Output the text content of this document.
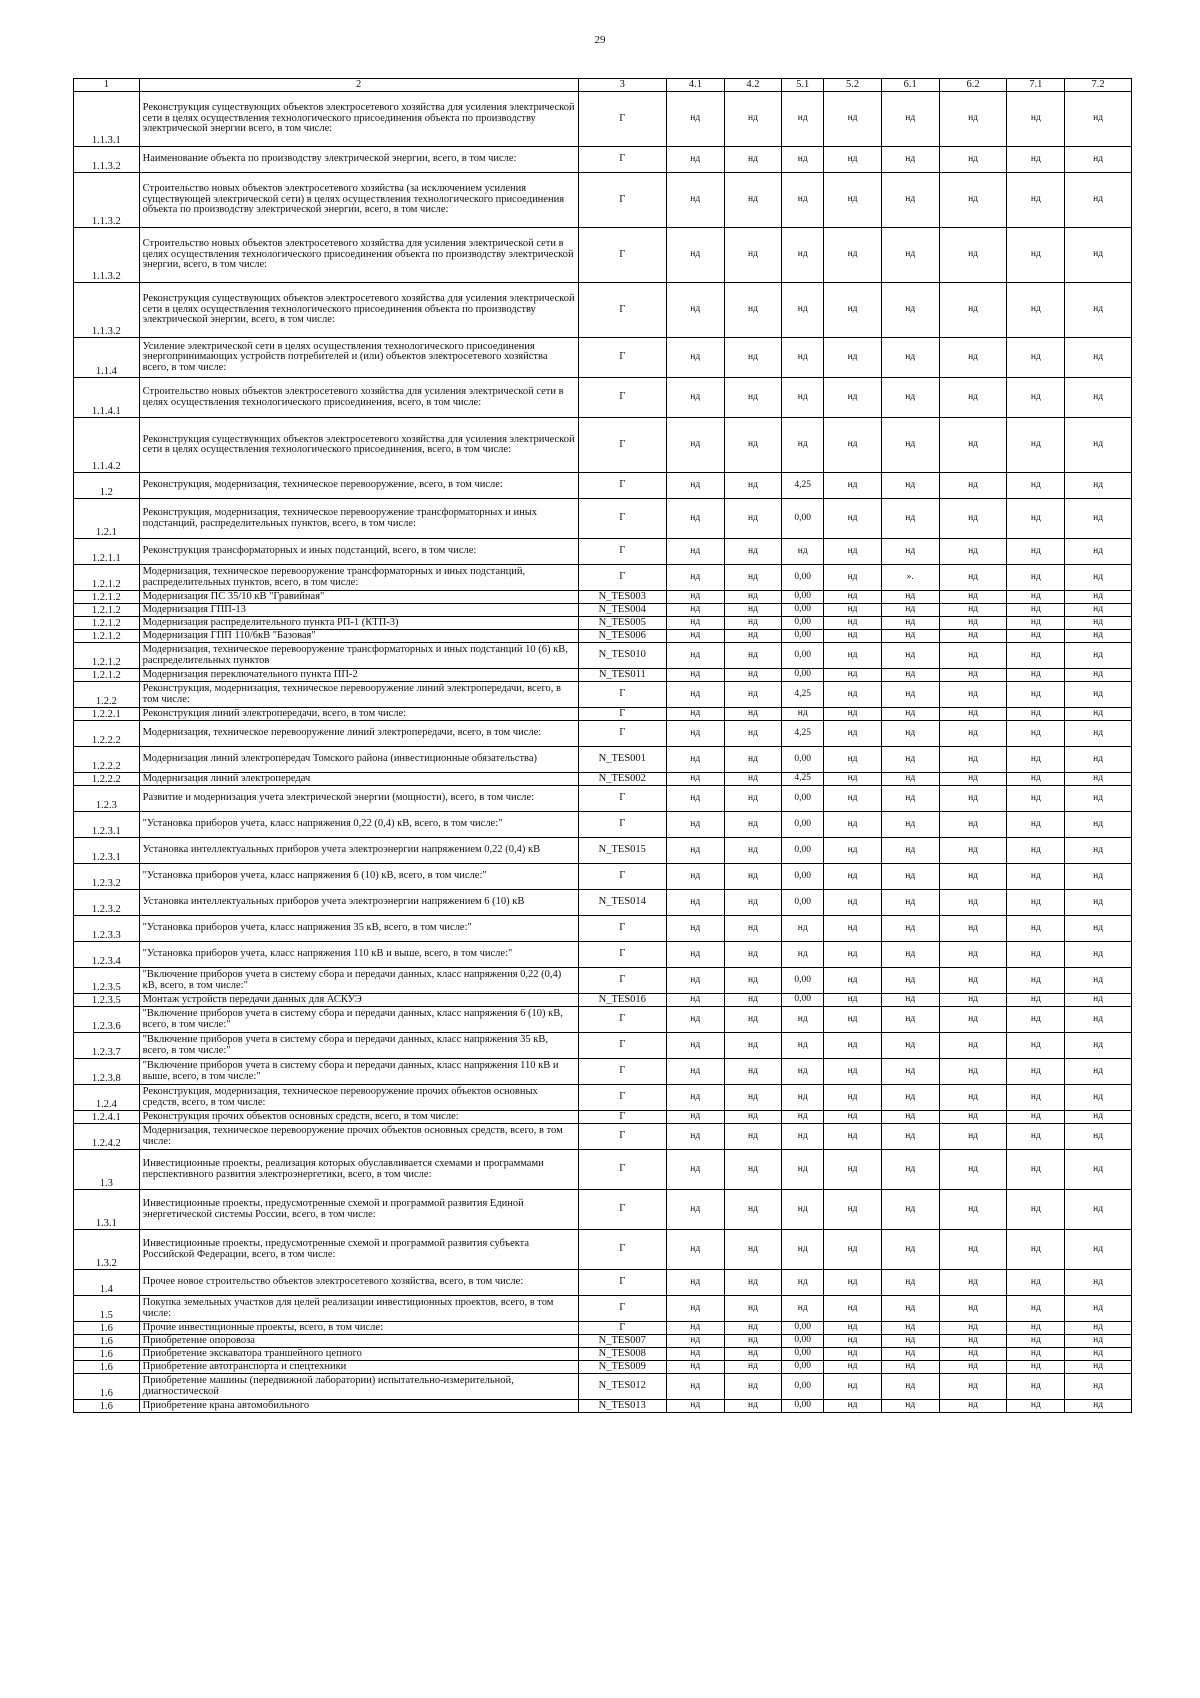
29
1	2	3	4.1	4.2	5.1	5.2	6.1	6.2	7.1	7.2
1.1.3.1	Реконструкция существующих объектов электросетевого хозяйства для усиления электрической сети в целях осуществления технологического присоединения объекта по производству электрической энергии всего, в том числе:	Г	нд	нд	нд	нд	нд	нд	нд	нд
1.1.3.2	Наименование объекта по производству электрической энергии, всего, в том числе:	Г	нд	нд	нд	нд	нд	нд	нд	нд
1.1.3.2	Строительство новых объектов электросетевого хозяйства (за исключением усиления существующей электрической сети) в целях осуществления технологического присоединения объекта по производству электрической энергии, всего, в том числе:	Г	нд	нд	нд	нд	нд	нд	нд	нд
1.1.3.2	Строительство новых объектов электросетевого хозяйства для усиления электрической сети в целях осуществления технологического присоединения объекта по производству электрической энергии, всего, в том числе:	Г	нд	нд	нд	нд	нд	нд	нд	нд
1.1.3.2	Реконструкция существующих объектов электросетевого хозяйства для усиления электрической сети в целях осуществления технологического присоединения объекта по производству электрической энергии, всего, в том числе:	Г	нд	нд	нд	нд	нд	нд	нд	нд
1.1.4	Усиление электрической сети в целях осуществления технологического присоединения энергопринимающих устройств потребителей и (или) объектов электросетевого хозяйства всего, в том числе:	Г	нд	нд	нд	нд	нд	нд	нд	нд
1.1.4.1	Строительство новых объектов электросетевого хозяйства для усиления электрической сети в целях осуществления технологического присоединения, всего, в том числе:	Г	нд	нд	нд	нд	нд	нд	нд	нд
1.1.4.2	Реконструкция существующих объектов электросетевого хозяйства для усиления электрической сети в целях осуществления технологического присоединения, всего, в том числе:	Г	нд	нд	нд	нд	нд	нд	нд	нд
1.2	Реконструкция, модернизация, техническое перевооружение, всего, в том числе:	Г	нд	нд	4,25	нд	нд	нд	нд	нд
1.2.1	Реконструкция, модернизация, техническое перевооружение трансформаторных и иных подстанций, распределительных пунктов, всего, в том числе:	Г	нд	нд	0,00	нд	нд	нд	нд	нд
1.2.1.1	Реконструкция трансформаторных и иных подстанций, всего, в том числе:	Г	нд	нд	нд	нд	нд	нд	нд	нд
1.2.1.2	Модернизация, техническое перевооружение трансформаторных и иных подстанций, распределительных пунктов, всего, в том числе:	Г	нд	нд	0,00	нд	».	нд	нд	нд
1.2.1.2	Модернизация ПС 35/10 кВ "Гравийная"	N_TES003	нд	нд	0,00	нд	нд	нд	нд	нд
1.2.1.2	Модернизация ГПП-13	N_TES004	нд	нд	0,00	нд	нд	нд	нд	нд
1.2.1.2	Модернизация распределительного пункта РП-1 (КТП-3)	N_TES005	нд	нд	0,00	нд	нд	нд	нд	нд
1.2.1.2	Модернизация ГПП 110/6кВ "Базовая"	N_TES006	нд	нд	0,00	нд	нд	нд	нд	нд
1.2.1.2	Модернизация, техническое перевооружение трансформаторных и иных подстанций 10 (6) кВ, распределительных пунктов	N_TES010	нд	нд	0,00	нд	нд	нд	нд	нд
1.2.1.2	Модернизация переключательного пункта ПП-2	N_TES011	нд	нд	0,00	нд	нд	нд	нд	нд
1.2.2	Реконструкция, модернизация, техническое перевооружение линий электропередачи, всего, в том числе:	Г	нд	нд	4,25	нд	нд	нд	нд	нд
1.2.2.1	Реконструкция линий электропередачи, всего, в том числе:	Г	нд	нд	нд	нд	нд	нд	нд	нд
1.2.2.2	Модернизация, техническое перевооружение линий электропередачи, всего, в том числе:	Г	нд	нд	4,25	нд	нд	нд	нд	нд
1.2.2.2	Модернизация линий электропередач Томского района (инвестиционные обязательства)	N_TES001	нд	нд	0,00	нд	нд	нд	нд	нд
1.2.2.2	Модернизация линий электропередач	N_TES002	нд	нд	4,25	нд	нд	нд	нд	нд
1.2.3	Развитие и модернизация учета электрической энергии (мощности), всего, в том числе:	Г	нд	нд	0,00	нд	нд	нд	нд	нд
1.2.3.1	"Установка приборов учета, класс напряжения 0,22 (0,4) кВ, всего, в том числе:"	Г	нд	нд	0,00	нд	нд	нд	нд	нд
1.2.3.1	Установка интеллектуальных приборов учета электроэнергии напряжением 0,22 (0,4) кВ	N_TES015	нд	нд	0,00	нд	нд	нд	нд	нд
1.2.3.2	"Установка приборов учета, класс напряжения 6 (10) кВ, всего, в том числе:"	Г	нд	нд	0,00	нд	нд	нд	нд	нд
1.2.3.2	Установка интеллектуальных приборов учета электроэнергии напряжением 6 (10) кВ	N_TES014	нд	нд	0,00	нд	нд	нд	нд	нд
1.2.3.3	"Установка приборов учета, класс напряжения 35 кВ, всего, в том числе:"	Г	нд	нд	нд	нд	нд	нд	нд	нд
1.2.3.4	"Установка приборов учета, класс напряжения 110 кВ и выше, всего, в том числе:"	Г	нд	нд	нд	нд	нд	нд	нд	нд
1.2.3.5	"Включение приборов учета в систему сбора и передачи данных, класс напряжения 0,22 (0,4) кВ, всего, в том числе:"	Г	нд	нд	0,00	нд	нд	нд	нд	нд
1.2.3.5	Монтаж устройств передачи данных для АСКУЭ	N_TES016	нд	нд	0,00	нд	нд	нд	нд	нд
1.2.3.6	"Включение приборов учета в систему сбора и передачи данных, класс напряжения 6 (10) кВ, всего, в том числе:"	Г	нд	нд	нд	нд	нд	нд	нд	нд
1.2.3.7	"Включение приборов учета в систему сбора и передачи данных, класс напряжения 35 кВ, всего, в том числе:"	Г	нд	нд	нд	нд	нд	нд	нд	нд
1.2.3.8	"Включение приборов учета в систему сбора и передачи данных, класс напряжения 110 кВ и выше, всего, в том числе:"	Г	нд	нд	нд	нд	нд	нд	нд	нд
1.2.4	Реконструкция, модернизация, техническое перевооружение прочих объектов основных средств, всего, в том числе:	Г	нд	нд	нд	нд	нд	нд	нд	нд
1.2.4.1	Реконструкция прочих объектов основных средств, всего, в том числе:	Г	нд	нд	нд	нд	нд	нд	нд	нд
1.2.4.2	Модернизация, техническое перевооружение прочих объектов основных средств, всего, в том числе:	Г	нд	нд	нд	нд	нд	нд	нд	нд
1.3	Инвестиционные проекты, реализация которых обуславливается схемами и программами перспективного развития электроэнергетики, всего, в том числе:	Г	нд	нд	нд	нд	нд	нд	нд	нд
1.3.1	Инвестиционные проекты, предусмотренные схемой и программой развития Единой энергетической системы России, всего, в том числе:	Г	нд	нд	нд	нд	нд	нд	нд	нд
1.3.2	Инвестиционные проекты, предусмотренные схемой и программой развития субъекта Российской Федерации, всего, в том числе:	Г	нд	нд	нд	нд	нд	нд	нд	нд
1.4	Прочее новое строительство объектов электросетевого хозяйства, всего, в том числе:	Г	нд	нд	нд	нд	нд	нд	нд	нд
1.5	Покупка земельных участков для целей реализации инвестиционных проектов, всего, в том числе:	Г	нд	нд	нд	нд	нд	нд	нд	нд
1.6	Прочие инвестиционные проекты, всего, в том числе:	Г	нд	нд	0,00	нд	нд	нд	нд	нд
1.6	Приобретение опоровоза	N_TES007	нд	нд	0,00	нд	нд	нд	нд	нд
1.6	Приобретение экскаватора траншейного цепного	N_TES008	нд	нд	0,00	нд	нд	нд	нд	нд
1.6	Приобретение автотранспорта и спецтехники	N_TES009	нд	нд	0,00	нд	нд	нд	нд	нд
1.6	Приобретение машины (передвижной лаборатории) испытательно-измерительной, диагностической	N_TES012	нд	нд	0,00	нд	нд	нд	нд	нд
1.6	Приобретение крана автомобильного	N_TES013	нд	нд	0,00	нд	нд	нд	нд	нд
